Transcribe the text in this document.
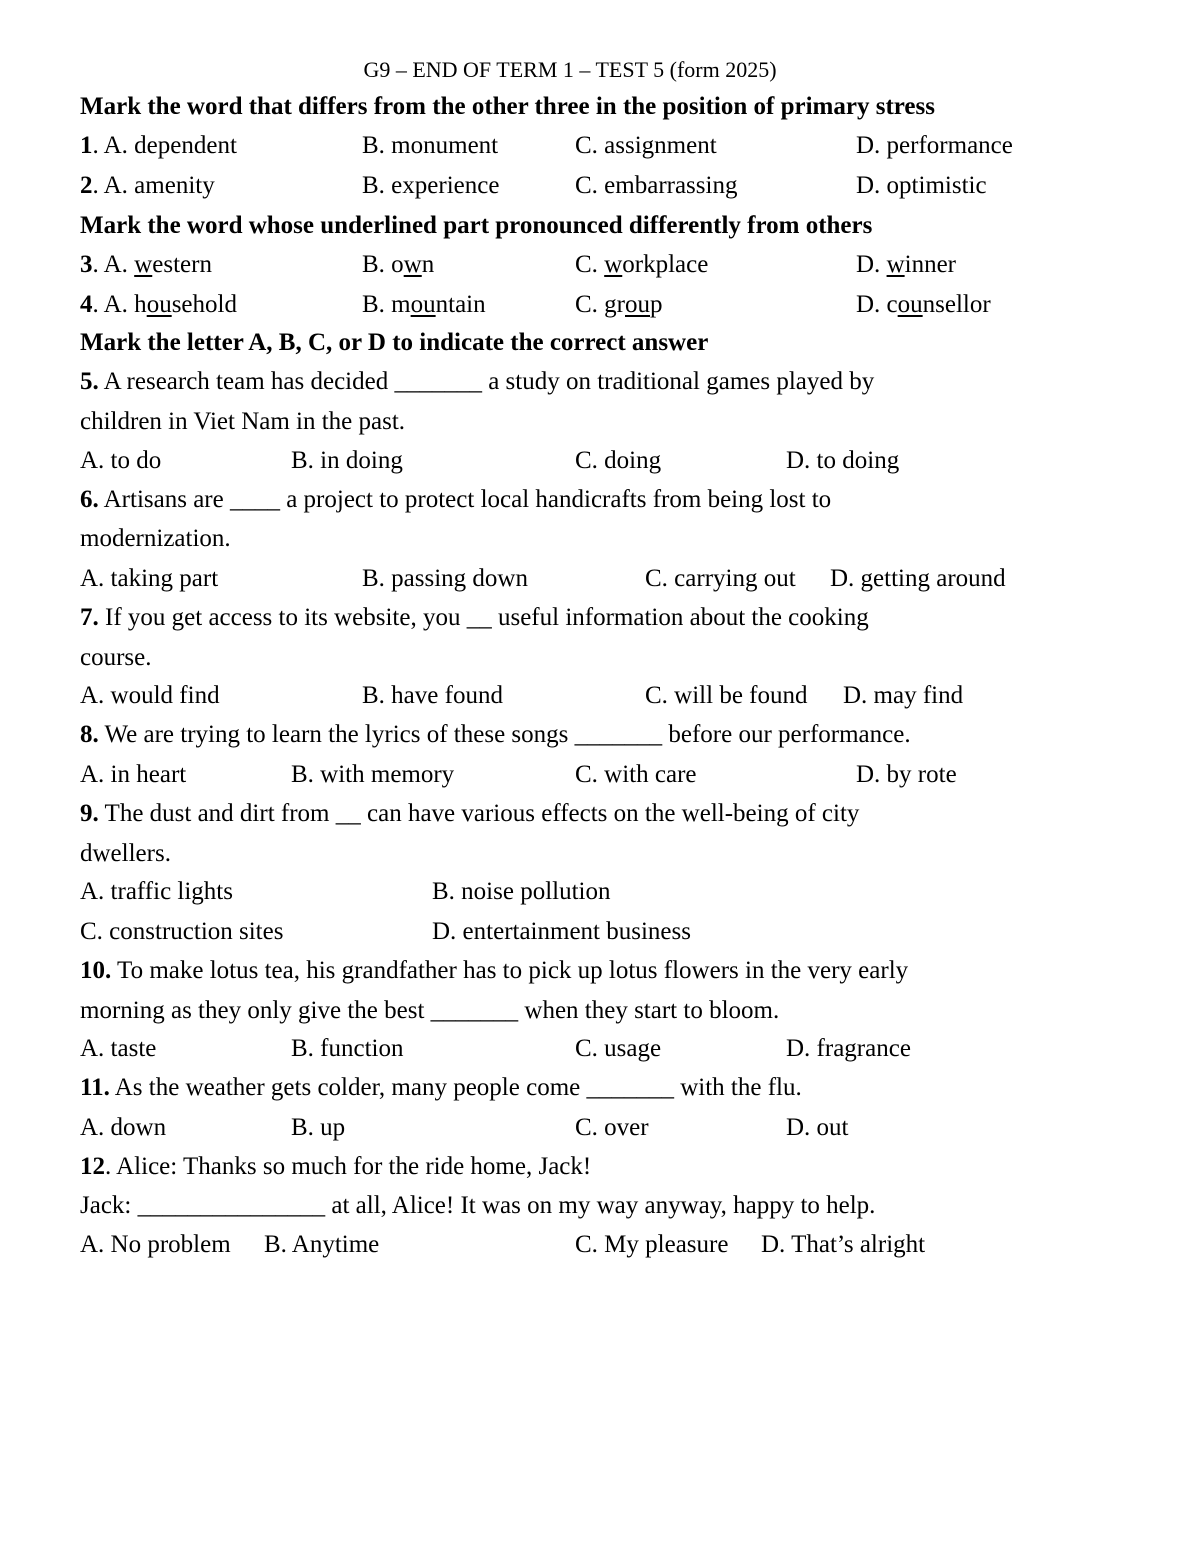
G9 – END OF TERM 1 – TEST 5 (form 2025)
Mark the word that differs from the other three in the position of primary stress
1. A. dependent	B. monument	C. assignment	D. performance
2. A. amenity	B. experience	C. embarrassing	D. optimistic
Mark the word whose underlined part pronounced differently from others
3. A. western	B. own	C. workplace	D. winner
4. A. household	B. mountain	C. group	D. counsellor
Mark the letter A, B, C, or D to indicate the correct answer
5. A research team has decided _______ a study on traditional games played by
children in Viet Nam in the past.
A. to do	B. in doing	C. doing	D. to doing
6. Artisans are ____ a project to protect local handicrafts from being lost to
modernization.
A. taking part	B. passing down	C. carrying out D. getting around
7. If you get access to its website, you __ useful information about the cooking
course.
A. would find	B. have found	C. will be found D. may find
8. We are trying to learn the lyrics of these songs _______ before our performance.
A. in heart	B. with memory	C. with care	D. by rote
9. The dust and dirt from __ can have various effects on the well-being of city
dwellers.
A. traffic lights	B. noise pollution
C. construction sites	D. entertainment business
10. To make lotus tea, his grandfather has to pick up lotus flowers in the very early
morning as they only give the best _______ when they start to bloom.
A. taste	B. function	C. usage	D. fragrance
11. As the weather gets colder, many people come _______ with the flu.
A. down	B. up	C. over	D. out
12. Alice: Thanks so much for the ride home, Jack!
Jack: _______________ at all, Alice! It was on my way anyway, happy to help.
A. No problem B. Anytime	C. My pleasure D. That’s alright
